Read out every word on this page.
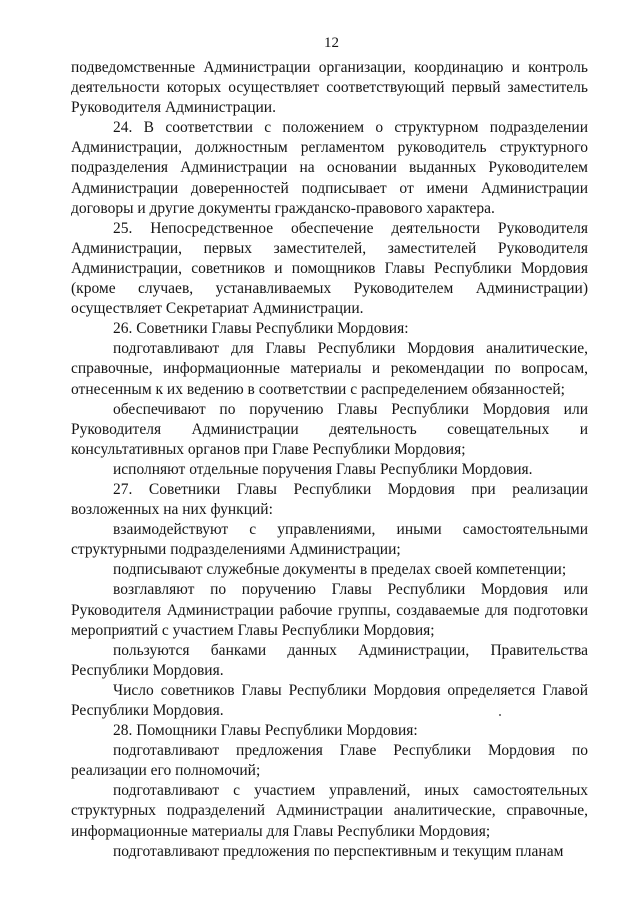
12

подведомственные Администрации организации, координацию и контроль деятельности которых осуществляет соответствующий первый заместитель Руководителя Администрации.

24. В соответствии с положением о структурном подразделении Администрации, должностным регламентом руководитель структурного подразделения Администрации на основании выданных Руководителем Администрации доверенностей подписывает от имени Администрации договоры и другие документы гражданско-правового характера.

25. Непосредственное обеспечение деятельности Руководителя Администрации, первых заместителей, заместителей Руководителя Администрации, советников и помощников Главы Республики Мордовия (кроме случаев, устанавливаемых Руководителем Администрации) осуществляет Секретариат Администрации.

26. Советники Главы Республики Мордовия:

подготавливают для Главы Республики Мордовия аналитические, справочные, информационные материалы и рекомендации по вопросам, отнесенным к их ведению в соответствии с распределением обязанностей;

обеспечивают по поручению Главы Республики Мордовия или Руководителя Администрации деятельность совещательных и консультативных органов при Главе Республики Мордовия;

исполняют отдельные поручения Главы Республики Мордовия.

27. Советники Главы Республики Мордовия при реализации возложенных на них функций:

взаимодействуют с управлениями, иными самостоятельными структурными подразделениями Администрации;

подписывают служебные документы в пределах своей компетенции;

возглавляют по поручению Главы Республики Мордовия или Руководителя Администрации рабочие группы, создаваемые для подготовки мероприятий с участием Главы Республики Мордовия;

пользуются банками данных Администрации, Правительства Республики Мордовия.

Число советников Главы Республики Мордовия определяется Главой Республики Мордовия.

28. Помощники Главы Республики Мордовия:

подготавливают предложения Главе Республики Мордовия по реализации его полномочий;

подготавливают с участием управлений, иных самостоятельных структурных подразделений Администрации аналитические, справочные, информационные материалы для Главы Республики Мордовия;

подготавливают предложения по перспективным и текущим планам
